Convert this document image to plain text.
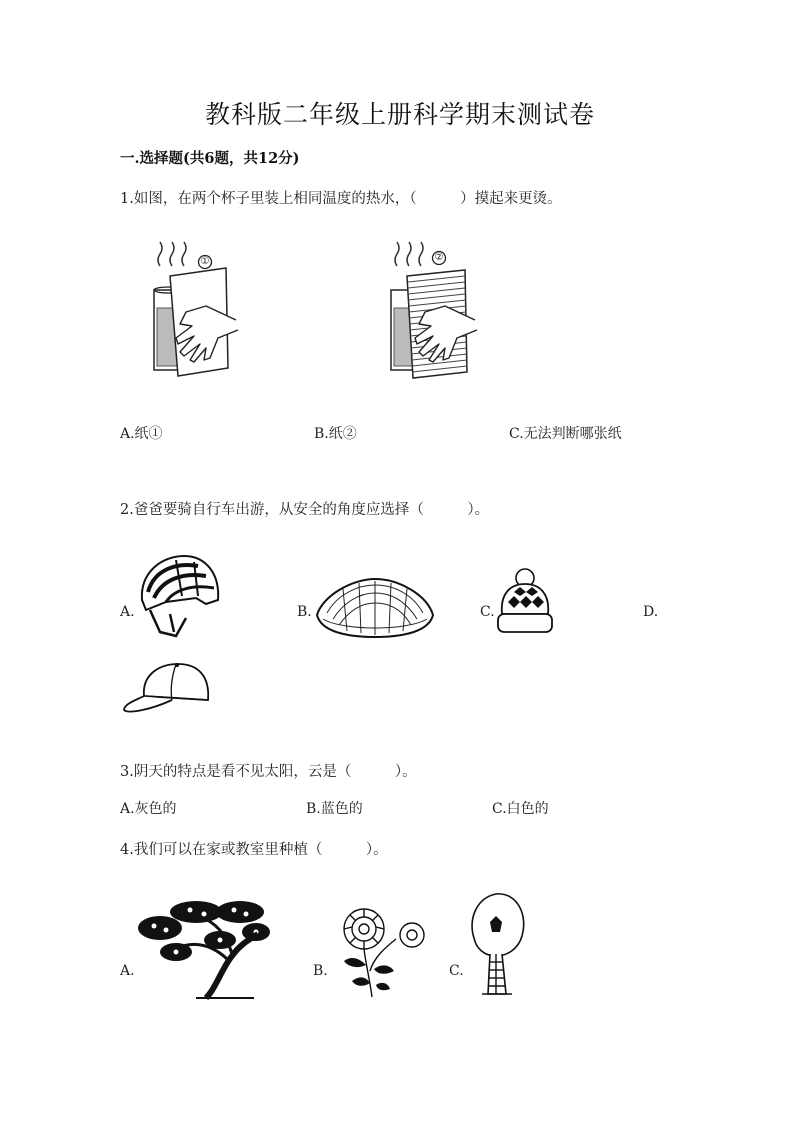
教科版二年级上册科学期末测试卷
一.选择题(共6题，共12分)
1.如图，在两个杯子里装上相同温度的热水，（　　　）摸起来更烫。
①	②
A.纸①	B.纸②	C.无法判断哪张纸
2.爸爸要骑自行车出游，从安全的角度应选择（　　　）。
A.	B.	C.	D.
3.阴天的特点是看不见太阳，云是（　　　）。
A.灰色的	B.蓝色的	C.白色的
4.我们可以在家或教室里种植（　　　）。
A.	B.	C.
